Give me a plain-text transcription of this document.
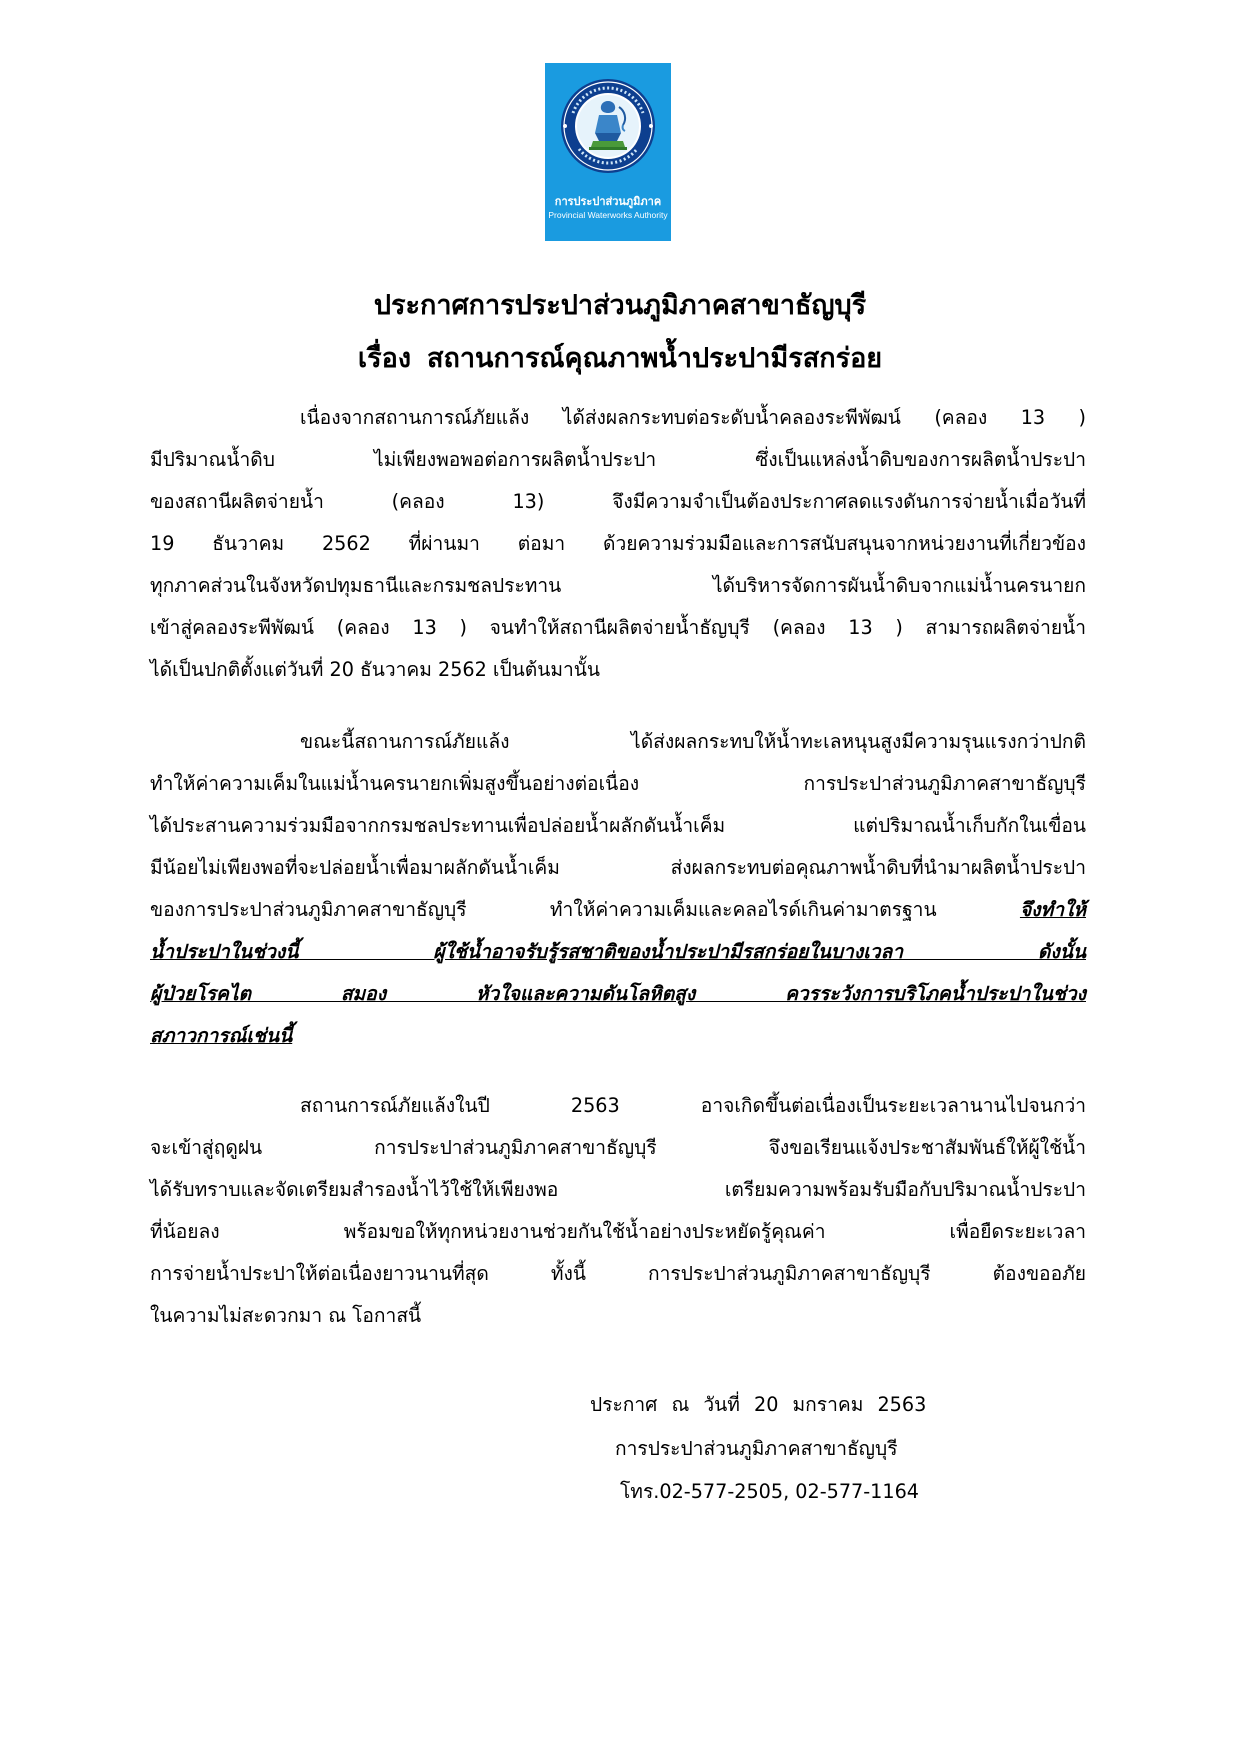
การประปาส่วนภูมิภาค
Provincial Waterworks Authority
ประกาศการประปาส่วนภูมิภาคสาขาธัญบุรี
เรื่อง สถานการณ์คุณภาพน้ำประปามีรสกร่อย
เนื่องจากสถานการณ์ภัยแล้ง ได้ส่งผลกระทบต่อระดับน้ำคลองระพีพัฒน์ (คลอง 13 )
มีปริมาณน้ำดิบ ไม่เพียงพอพอต่อการผลิตน้ำประปา ซึ่งเป็นแหล่งน้ำดิบของการผลิตน้ำประปา
ของสถานีผลิตจ่ายน้ำ (คลอง 13) จึงมีความจำเป็นต้องประกาศลดแรงดันการจ่ายน้ำเมื่อวันที่
19 ธันวาคม 2562 ที่ผ่านมา ต่อมา ด้วยความร่วมมือและการสนับสนุนจากหน่วยงานที่เกี่ยวข้อง
ทุกภาคส่วนในจังหวัดปทุมธานีและกรมชลประทาน ได้บริหารจัดการผันน้ำดิบจากแม่น้ำนครนายก
เข้าสู่คลองระพีพัฒน์ (คลอง 13 ) จนทำให้สถานีผลิตจ่ายน้ำธัญบุรี (คลอง 13 ) สามารถผลิตจ่ายน้ำ
ได้เป็นปกติตั้งแต่วันที่ 20 ธันวาคม 2562 เป็นต้นมานั้น
ขณะนี้สถานการณ์ภัยแล้ง ได้ส่งผลกระทบให้น้ำทะเลหนุนสูงมีความรุนแรงกว่าปกติ
ทำให้ค่าความเค็มในแม่น้ำนครนายกเพิ่มสูงขึ้นอย่างต่อเนื่อง การประปาส่วนภูมิภาคสาขาธัญบุรี
ได้ประสานความร่วมมือจากกรมชลประทานเพื่อปล่อยน้ำผลักดันน้ำเค็ม แต่ปริมาณน้ำเก็บกักในเขื่อน
มีน้อยไม่เพียงพอที่จะปล่อยน้ำเพื่อมาผลักดันน้ำเค็ม ส่งผลกระทบต่อคุณภาพน้ำดิบที่นำมาผลิตน้ำประปา
ของการประปาส่วนภูมิภาคสาขาธัญบุรี ทำให้ค่าความเค็มและคลอไรด์เกินค่ามาตรฐาน จึงทำให้
น้ำประปาในช่วงนี้ ผู้ใช้น้ำอาจรับรู้รสชาติของน้ำประปามีรสกร่อยในบางเวลา ดังนั้น
ผู้ป่วยโรคไต สมอง หัวใจและความดันโลหิตสูง ควรระวังการบริโภคน้ำประปาในช่วง
สภาวการณ์เช่นนี้
สถานการณ์ภัยแล้งในปี 2563 อาจเกิดขึ้นต่อเนื่องเป็นระยะเวลานานไปจนกว่า
จะเข้าสู่ฤดูฝน การประปาส่วนภูมิภาคสาขาธัญบุรี จึงขอเรียนแจ้งประชาสัมพันธ์ให้ผู้ใช้น้ำ
ได้รับทราบและจัดเตรียมสำรองน้ำไว้ใช้ให้เพียงพอ เตรียมความพร้อมรับมือกับปริมาณน้ำประปา
ที่น้อยลง พร้อมขอให้ทุกหน่วยงานช่วยกันใช้น้ำอย่างประหยัดรู้คุณค่า เพื่อยืดระยะเวลา
การจ่ายน้ำประปาให้ต่อเนื่องยาวนานที่สุด ทั้งนี้ การประปาส่วนภูมิภาคสาขาธัญบุรี ต้องขออภัย
ในความไม่สะดวกมา ณ โอกาสนี้
ประกาศ ณ วันที่ 20 มกราคม 2563
การประปาส่วนภูมิภาคสาขาธัญบุรี
โทร.02-577-2505, 02-577-1164
